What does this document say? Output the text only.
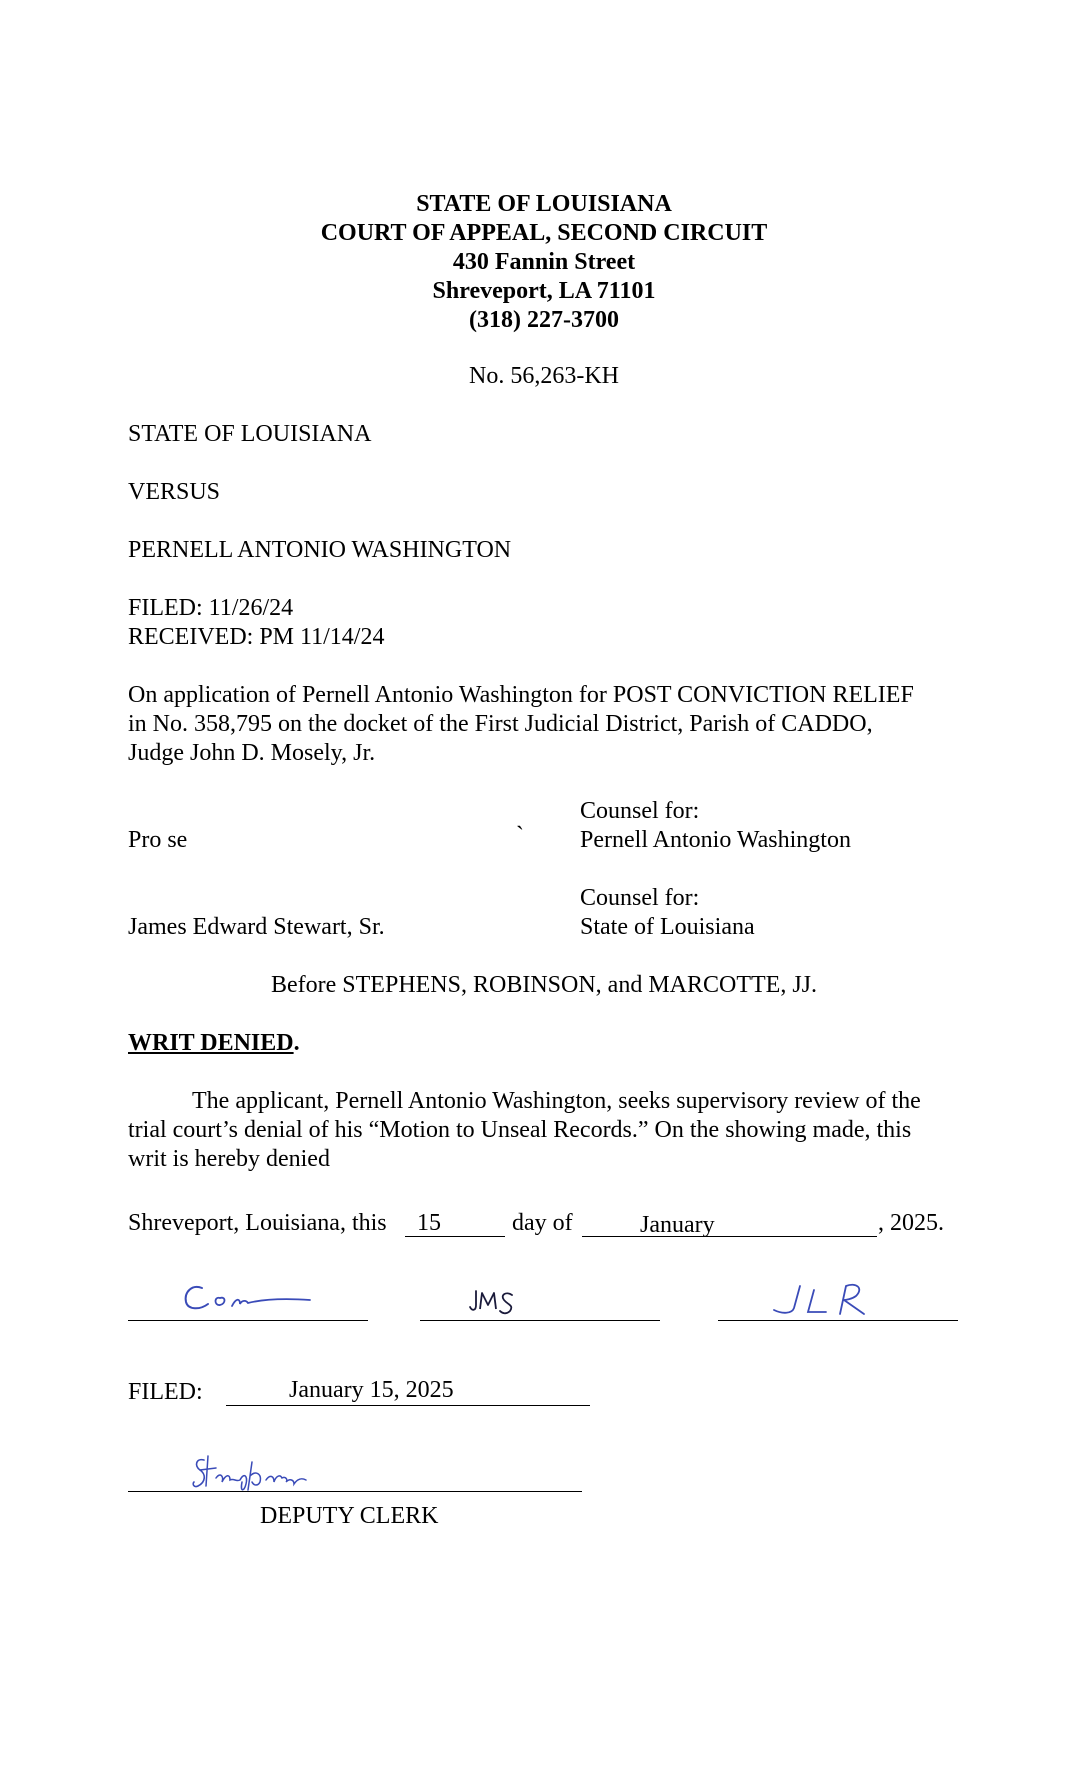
STATE OF LOUISIANA
COURT OF APPEAL, SECOND CIRCUIT
430 Fannin Street
Shreveport, LA 71101
(318) 227-3700
No. 56,263-KH
STATE OF LOUISIANA
VERSUS
PERNELL ANTONIO WASHINGTON
FILED: 11/26/24
RECEIVED: PM 11/14/24
On application of Pernell Antonio Washington for POST CONVICTION RELIEF
in No. 358,795 on the docket of the First Judicial District, Parish of CADDO,
Judge John D. Mosely, Jr.
Counsel for:
Pro se	` Pernell Antonio Washington
Counsel for:
James Edward Stewart, Sr.	State of Louisiana
Before STEPHENS, ROBINSON, and MARCOTTE, JJ.
WRIT DENIED.
The applicant, Pernell Antonio Washington, seeks supervisory review of the
trial court’s denial of his “Motion to Unseal Records.” On the showing made, this
writ is hereby denied
Shreveport, Louisiana, this 15	day of	January	, 2025.
FILED:	January 15, 2025
DEPUTY CLERK
